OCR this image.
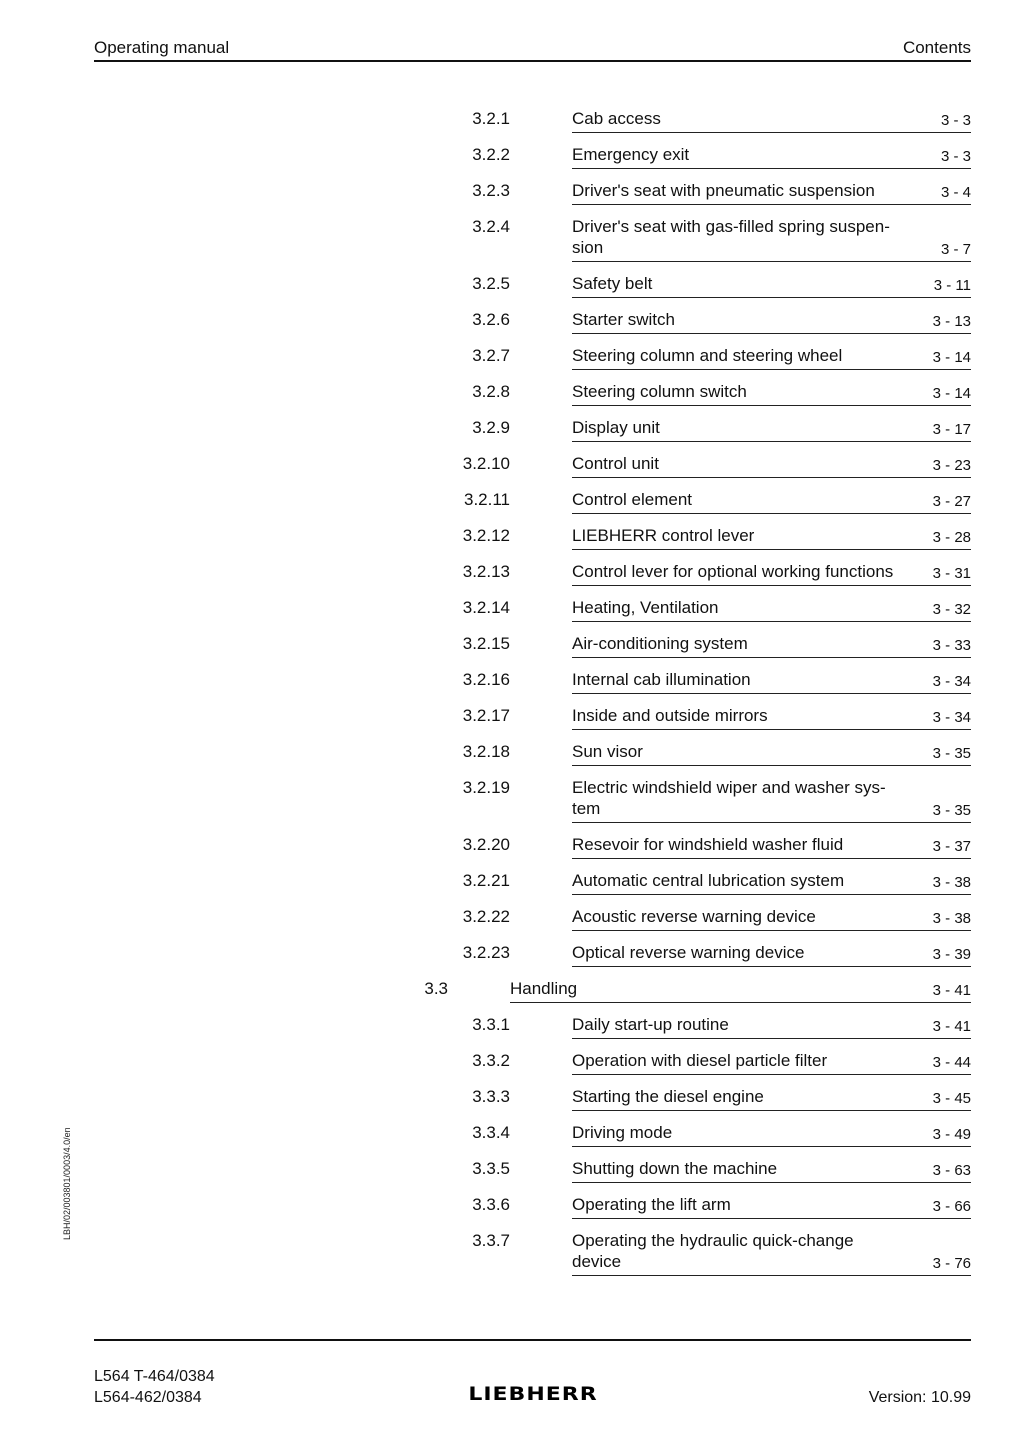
Operating manual	Contents
3.2.1	Cab access	3 - 3
3.2.2	Emergency exit	3 - 3
3.2.3	Driver's seat with pneumatic suspension	3 - 4
3.2.4	Driver's seat with gas-filled spring suspen-
sion	3 - 7
3.2.5	Safety belt	3 - 11
3.2.6	Starter switch	3 - 13
3.2.7	Steering column and steering wheel	3 - 14
3.2.8	Steering column switch	3 - 14
3.2.9	Display unit	3 - 17
3.2.10	Control unit	3 - 23
3.2.11	Control element	3 - 27
3.2.12	LIEBHERR control lever	3 - 28
3.2.13	Control lever for optional working functions	3 - 31
3.2.14	Heating, Ventilation	3 - 32
3.2.15	Air-conditioning system	3 - 33
3.2.16	Internal cab illumination	3 - 34
3.2.17	Inside and outside mirrors	3 - 34
3.2.18	Sun visor	3 - 35
3.2.19	Electric windshield wiper and washer sys-
tem	3 - 35
3.2.20	Resevoir for windshield washer fluid	3 - 37
3.2.21	Automatic central lubrication system	3 - 38
3.2.22	Acoustic reverse warning device	3 - 38
3.2.23	Optical reverse warning device	3 - 39
3.3	Handling	3 - 41
3.3.1	Daily start-up routine	3 - 41
3.3.2	Operation with diesel particle filter	3 - 44
3.3.3	Starting the diesel engine	3 - 45
3.3.4	Driving mode	3 - 49
3.3.5	Shutting down the machine	3 - 63
3.3.6	Operating the lift arm	3 - 66
3.3.7	Operating the hydraulic quick-change
device	3 - 76
LBH/02/003801/0003/4.0/en
L564 T-464/0384
L564-462/0384	LIEBHERR	Version: 10.99
